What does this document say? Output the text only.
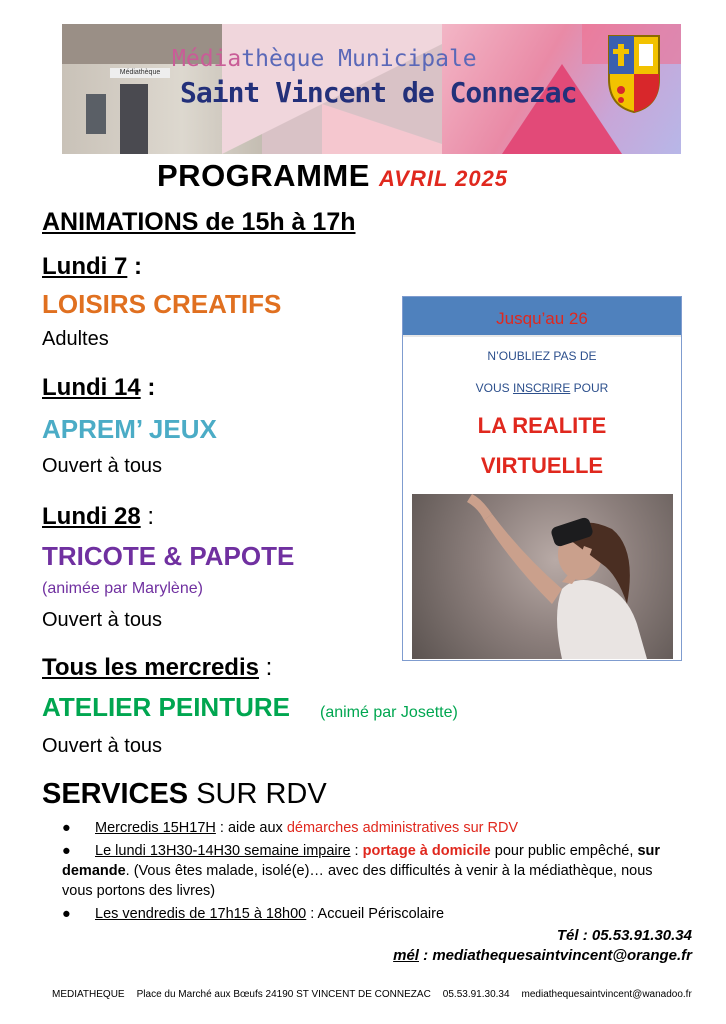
Médiathèque
Médiathèque Municipale
Saint Vincent de Connezac
PROGRAMME AVRIL 2025
ANIMATIONS de 15h à 17h
Lundi 7 :
LOISIRS CREATIFS
Adultes
Lundi 14 :
APREM’ JEUX
Ouvert à tous
Lundi 28 :
TRICOTE & PAPOTE
(animée par Marylène)
Ouvert à tous
Tous les mercredis :
ATELIER PEINTURE (animé par Josette)
Ouvert à tous
Jusqu’au 26
N’OUBLIEZ PAS DE
VOUS INSCRIRE POUR
LA REALITE
VIRTUELLE
SERVICES SUR RDV
● Mercredis 15H17H : aide aux démarches administratives sur RDV
● Le lundi 13H30-14H30 semaine impaire : portage à domicile pour public empêché, sur
demande. (Vous êtes malade, isolé(e)… avec des difficultés à venir à la médiathèque, nous
vous portons des livres)
● Les vendredis de 17h15 à 18h00 : Accueil Périscolaire
Tél : 05.53.91.30.34
mél : mediathequesaintvincent@orange.fr
MEDIATHEQUE Place du Marché aux Bœufs 24190 ST VINCENT DE CONNEZAC 05.53.91.30.34 mediathequesaintvincent@wanadoo.fr
